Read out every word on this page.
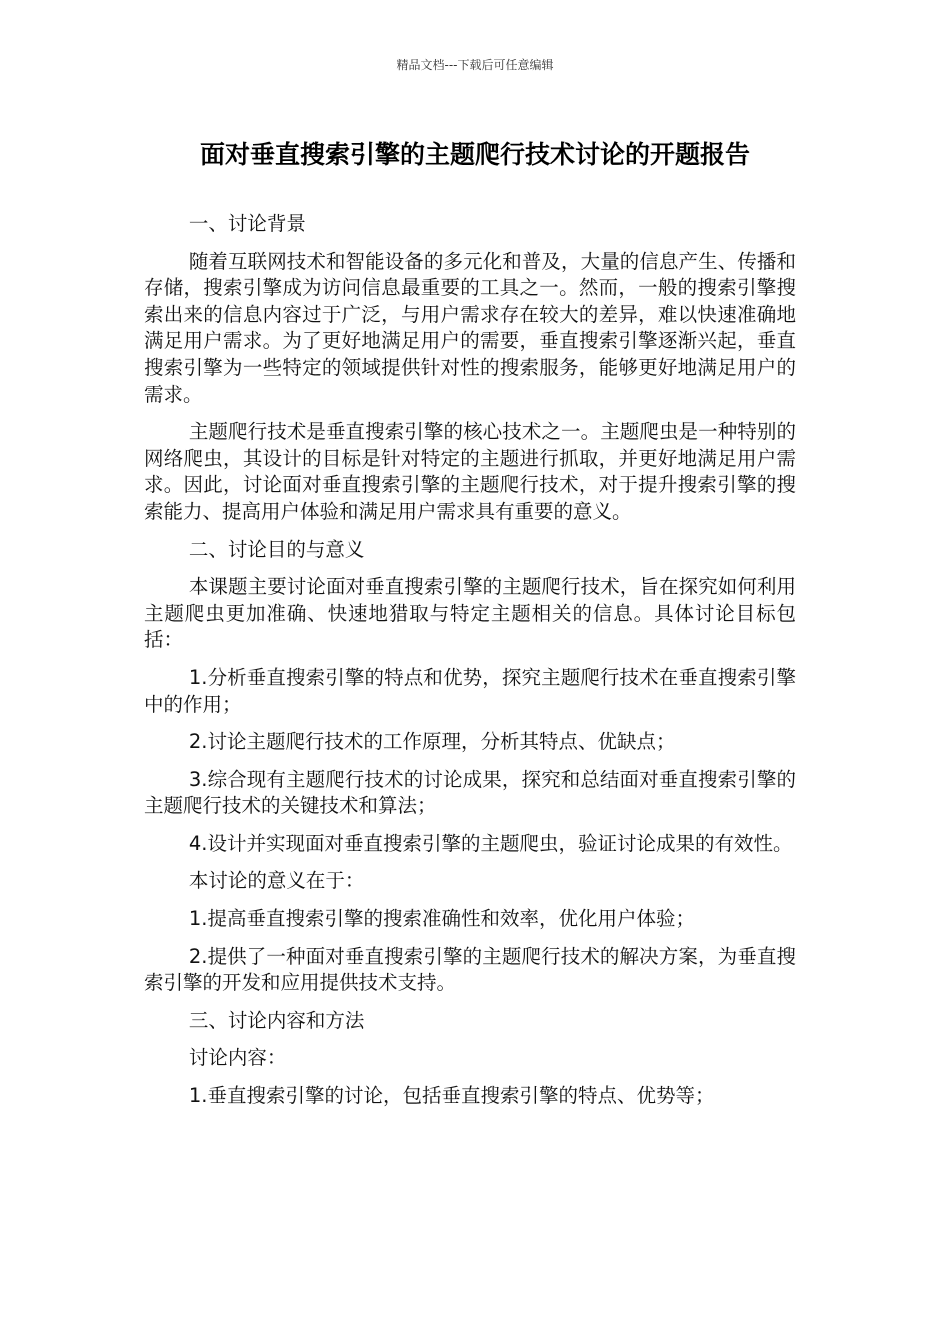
精品文档---下载后可任意编辑
面对垂直搜索引擎的主题爬行技术讨论的开题报告

一、讨论背景

随着互联网技术和智能设备的多元化和普及，大量的信息产生、传播和存储，搜索引擎成为访问信息最重要的工具之一。然而，一般的搜索引擎搜索出来的信息内容过于广泛，与用户需求存在较大的差异，难以快速准确地满足用户需求。为了更好地满足用户的需要，垂直搜索引擎逐渐兴起，垂直搜索引擎为一些特定的领域提供针对性的搜索服务，能够更好地满足用户的需求。

主题爬行技术是垂直搜索引擎的核心技术之一。主题爬虫是一种特别的网络爬虫，其设计的目标是针对特定的主题进行抓取，并更好地满足用户需求。因此，讨论面对垂直搜索引擎的主题爬行技术，对于提升搜索引擎的搜索能力、提高用户体验和满足用户需求具有重要的意义。

二、讨论目的与意义

本课题主要讨论面对垂直搜索引擎的主题爬行技术，旨在探究如何利用主题爬虫更加准确、快速地猎取与特定主题相关的信息。具体讨论目标包括：

1.分析垂直搜索引擎的特点和优势，探究主题爬行技术在垂直搜索引擎中的作用；

2.讨论主题爬行技术的工作原理，分析其特点、优缺点；

3.综合现有主题爬行技术的讨论成果，探究和总结面对垂直搜索引擎的主题爬行技术的关键技术和算法；

4.设计并实现面对垂直搜索引擎的主题爬虫，验证讨论成果的有效性。

本讨论的意义在于：

1.提高垂直搜索引擎的搜索准确性和效率，优化用户体验；

2.提供了一种面对垂直搜索引擎的主题爬行技术的解决方案，为垂直搜索引擎的开发和应用提供技术支持。

三、讨论内容和方法

讨论内容：

1.垂直搜索引擎的讨论，包括垂直搜索引擎的特点、优势等；
